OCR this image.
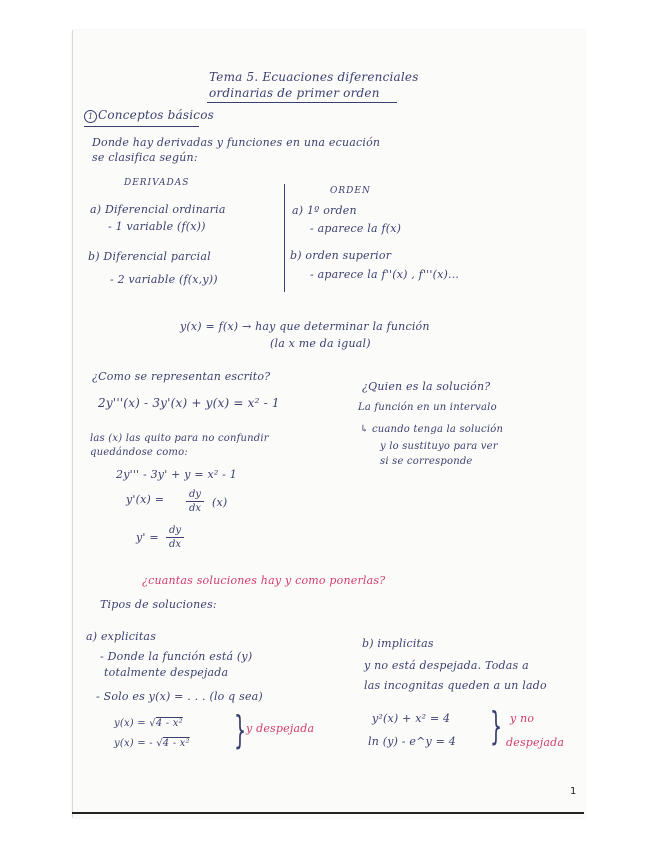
Tema 5. Ecuaciones diferenciales
ordinarias de primer orden
1 Conceptos básicos
Donde hay derivadas y funciones en una ecuación
se clasifica según:
DERIVADAS
a) Diferencial ordinaria
- 1 variable (f(x))
b) Diferencial parcial
- 2 variable (f(x,y))
ORDEN
a) 1º orden
- aparece la f(x)
b) orden superior
- aparece la f''(x) , f'''(x)...
y(x) = f(x) → hay que determinar la función
(la x me da igual)
¿Como se representan escrito?
2y'''(x) - 3y'(x) + y(x) = x² - 1
las (x) las quito para no confundir
quedándose como:
2y''' - 3y' + y = x² - 1
y'(x) = dy
dx (x)
y' =
dy
dx
¿Quien es la solución?
La función en un intervalo
↳ cuando tenga la solución
y lo sustituyo para ver
si se corresponde
¿cuantas soluciones hay y como ponerlas?
Tipos de soluciones:
a) explicitas
- Donde la función está (y)
totalmente despejada
- Solo es y(x) = . . . (lo q sea)
y(x) = √4 - x²
y(x) = - √4 - x² } y despejada
b) implicitas
y no está despejada. Todas a
las incognitas queden a un lado
y²(x) + x² = 4
ln (y) - e^y = 4 } y no
despejada
1
